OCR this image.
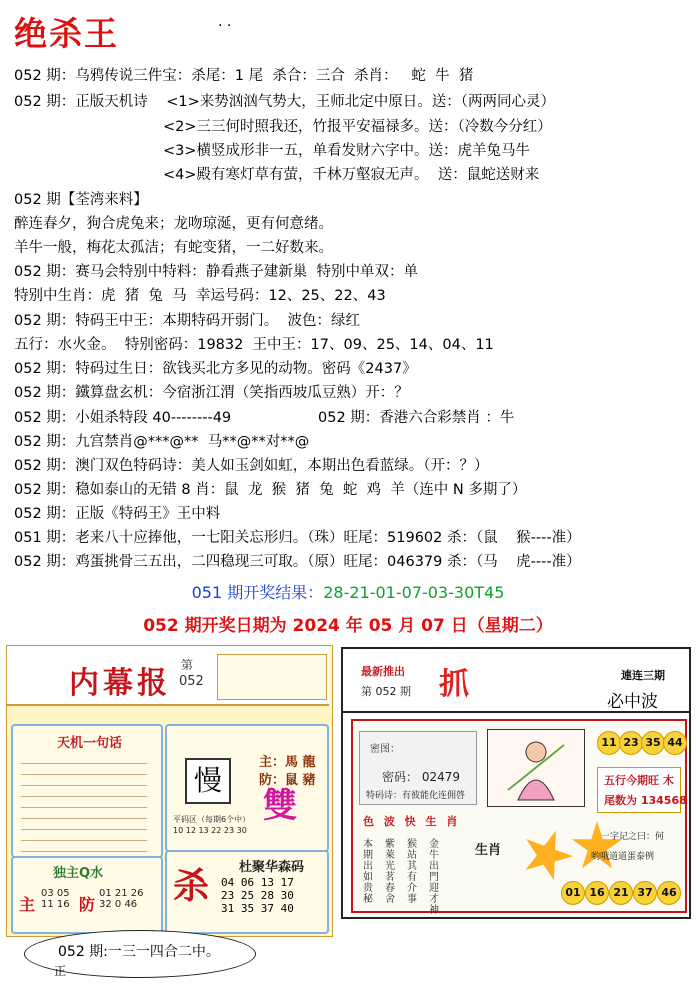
绝杀王	· ·
052 期：乌鸦传说三件宝：杀尾：1 尾  杀合：三合  杀肖：   蛇  牛  猪
052 期：正版天机诗    <1>来势汹汹气势大，王师北定中原日。送：（两两同心灵）
<2>三三何时照我还，竹报平安福禄多。送：（冷数今分红）
<3>横竖成形非一五，单看发财六字中。送：虎羊兔马牛
<4>殿有寒灯草有萤，千林万壑寂无声。  送：鼠蛇送财来
052 期【荃湾来料】
醉连春夕，狗合虎兔来；龙吻琼涎，更有何意绪。
羊牛一般，梅花太孤洁；有蛇变猪，一二好数来。
052 期：赛马会特别中特料：静看燕子建新巢  特别中单双：单
特别中生肖：虎  猪  兔  马  幸运号码：12、25、22、43
052 期：特码王中王：本期特码开弱门。  波色：绿红
五行：水火金。  特别密码：19832  王中王：17、09、25、14、04、11
052 期：特码过生日：欲钱买北方多见的动物。密码《2437》
052 期：鐵算盘玄机：今宿浙江渭（笑指西坡瓜豆熟）开：？
052 期：小姐杀特段 40--------49	052 期：香港六合彩禁肖 ：牛
052 期：九宫禁肖@***@**  马**@**对**@
052 期：澳门双色特码诗：美人如玉剑如虹，本期出色看蓝绿。（开：？）
052 期：稳如泰山的无错 8 肖：鼠  龙  猴  猪  兔  蛇  鸡  羊（连中 N 多期了）
052 期：正版《特码王》王中料
051 期：老来八十应捧他，一七阳关忘形归。（珠）旺尾：519602 杀：（鼠    猴----准）
052 期：鸡蛋挑骨三五出，二四稳现三可取。（原）旺尾：046379 杀：（马    虎----准）
051 期开奖结果：28-21-01-07-03-30T45
052 期开奖日期为 2024 年 05 月 07 日（星期二）
内幕报
第
052
天机一句话
独主Q水
主
03 05
11 16 防
01 21 26
32 0 46
慢
主：馬 龍
防：鼠 豬
雙
平码区（每期6个中）
10 12 13 22 23 30
杀 杜聚华森码
04 06 13 17
23 25 28 30
31 35 37 40
最新推出
第 052 期 抓	連连三期
必中波
密图：
密码： 02479
特码诗：有彼能化连佣啓
11 23 35 44
五行今期旺 木
尾数为 134568
色 波 快 生 肖
本期出如贵秘
紫萊光茗春舍
猴站其有介事
金牛出門迎才神
生肖
一字记之曰：何
哟哦道道蛋泰例
01 16 21 37 46
052 期:一三一四合二中。
正
